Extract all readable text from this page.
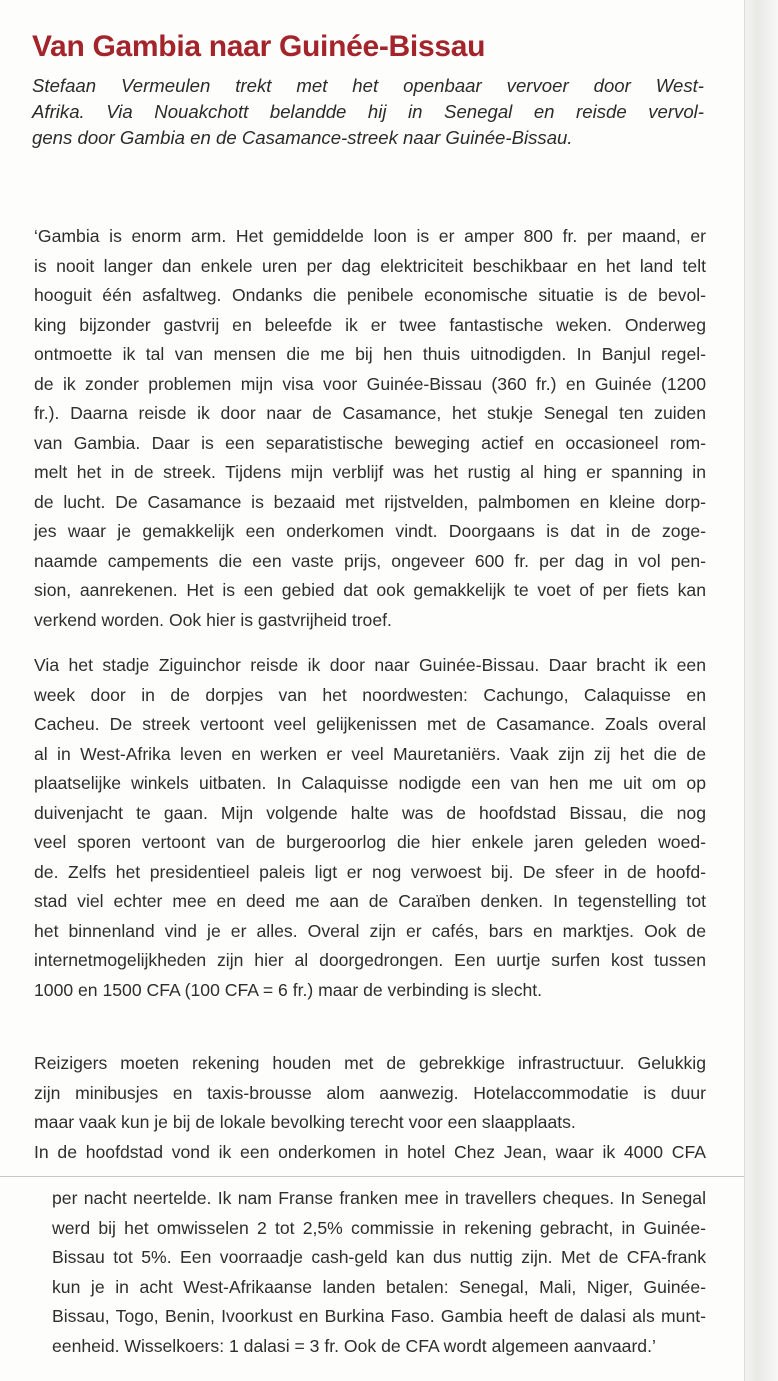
Van Gambia naar Guinée-Bissau

Stefaan Vermeulen trekt met het openbaar vervoer door West-
Afrika. Via Nouakchott belandde hij in Senegal en reisde vervol-
gens door Gambia en de Casamance-streek naar Guinée-Bissau.

‘Gambia is enorm arm. Het gemiddelde loon is er amper 800 fr. per maand, er
is nooit langer dan enkele uren per dag elektriciteit beschikbaar en het land telt
hooguit één asfaltweg. Ondanks die penibele economische situatie is de bevol-
king bijzonder gastvrij en beleefde ik er twee fantastische weken. Onderweg
ontmoette ik tal van mensen die me bij hen thuis uitnodigden. In Banjul regel-
de ik zonder problemen mijn visa voor Guinée-Bissau (360 fr.) en Guinée (1200
fr.). Daarna reisde ik door naar de Casamance, het stukje Senegal ten zuiden
van Gambia. Daar is een separatistische beweging actief en occasioneel rom-
melt het in de streek. Tijdens mijn verblijf was het rustig al hing er spanning in
de lucht. De Casamance is bezaaid met rijstvelden, palmbomen en kleine dorp-
jes waar je gemakkelijk een onderkomen vindt. Doorgaans is dat in de zoge-
naamde campements die een vaste prijs, ongeveer 600 fr. per dag in vol pen-
sion, aanrekenen. Het is een gebied dat ook gemakkelijk te voet of per fiets kan
verkend worden. Ook hier is gastvrijheid troef.
Via het stadje Ziguinchor reisde ik door naar Guinée-Bissau. Daar bracht ik een
week door in de dorpjes van het noordwesten: Cachungo, Calaquisse en
Cacheu. De streek vertoont veel gelijkenissen met de Casamance. Zoals overal
al in West-Afrika leven en werken er veel Mauretaniërs. Vaak zijn zij het die de
plaatselijke winkels uitbaten. In Calaquisse nodigde een van hen me uit om op
duivenjacht te gaan. Mijn volgende halte was de hoofdstad Bissau, die nog
veel sporen vertoont van de burgeroorlog die hier enkele jaren geleden woed-
de. Zelfs het presidentieel paleis ligt er nog verwoest bij. De sfeer in de hoofd-
stad viel echter mee en deed me aan de Caraïben denken. In tegenstelling tot
het binnenland vind je er alles. Overal zijn er cafés, bars en marktjes. Ook de
internetmogelijkheden zijn hier al doorgedrongen. Een uurtje surfen kost tussen
1000 en 1500 CFA (100 CFA = 6 fr.) maar de verbinding is slecht.
Reizigers moeten rekening houden met de gebrekkige infrastructuur. Gelukkig
zijn minibusjes en taxis-brousse alom aanwezig. Hotelaccommodatie is duur
maar vaak kun je bij de lokale bevolking terecht voor een slaapplaats.
In de hoofdstad vond ik een onderkomen in hotel Chez Jean, waar ik 4000 CFA
per nacht neertelde. Ik nam Franse franken mee in travellers cheques. In Senegal
werd bij het omwisselen 2 tot 2,5% commissie in rekening gebracht, in Guinée-
Bissau tot 5%. Een voorraadje cash-geld kan dus nuttig zijn. Met de CFA-frank
kun je in acht West-Afrikaanse landen betalen: Senegal, Mali, Niger, Guinée-
Bissau, Togo, Benin, Ivoorkust en Burkina Faso. Gambia heeft de dalasi als munt-
eenheid. Wisselkoers: 1 dalasi = 3 fr. Ook de CFA wordt algemeen aanvaard.’
